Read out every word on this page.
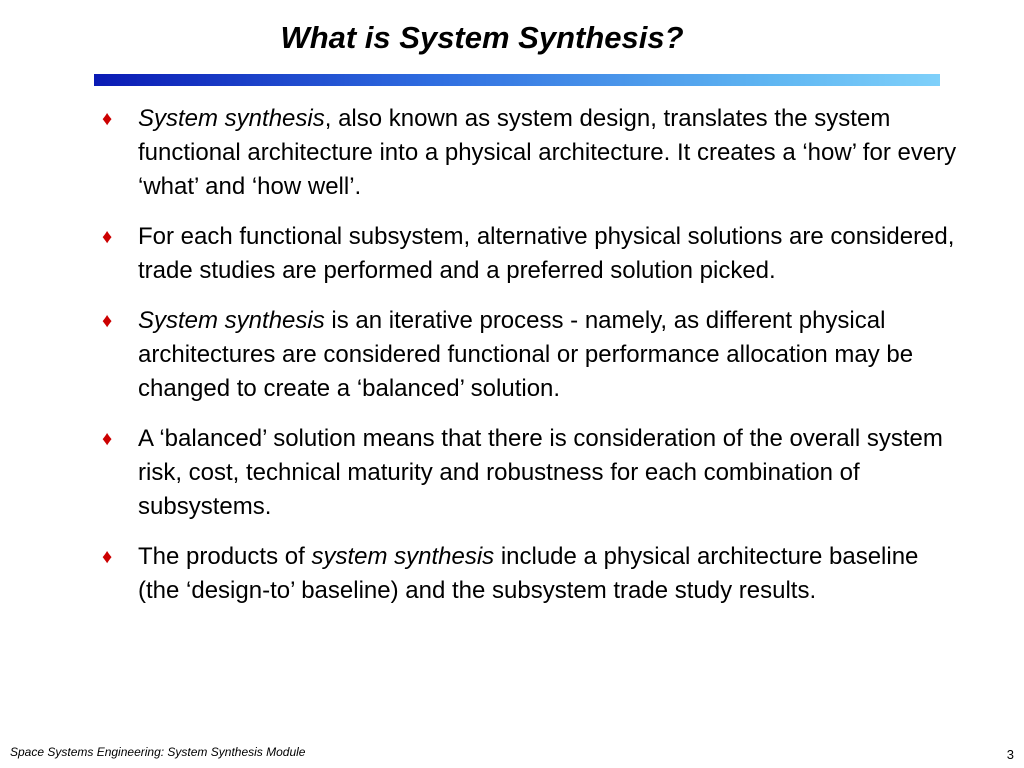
What is System Synthesis?
♦ System synthesis, also known as system design, translates the system functional architecture into a physical architecture. It creates a ‘how’ for every ‘what’ and ‘how well’.
♦ For each functional subsystem, alternative physical solutions are considered, trade studies are performed and a preferred solution picked.
♦ System synthesis is an iterative process - namely, as different physical architectures are considered functional or performance allocation may be changed to create a ‘balanced’ solution.
♦ A ‘balanced’ solution means that there is consideration of the overall system risk, cost, technical maturity and robustness for each combination of subsystems.
♦ The products of system synthesis include a physical architecture baseline (the ‘design-to’ baseline) and the subsystem trade study results.
Space Systems Engineering: System Synthesis Module	3
